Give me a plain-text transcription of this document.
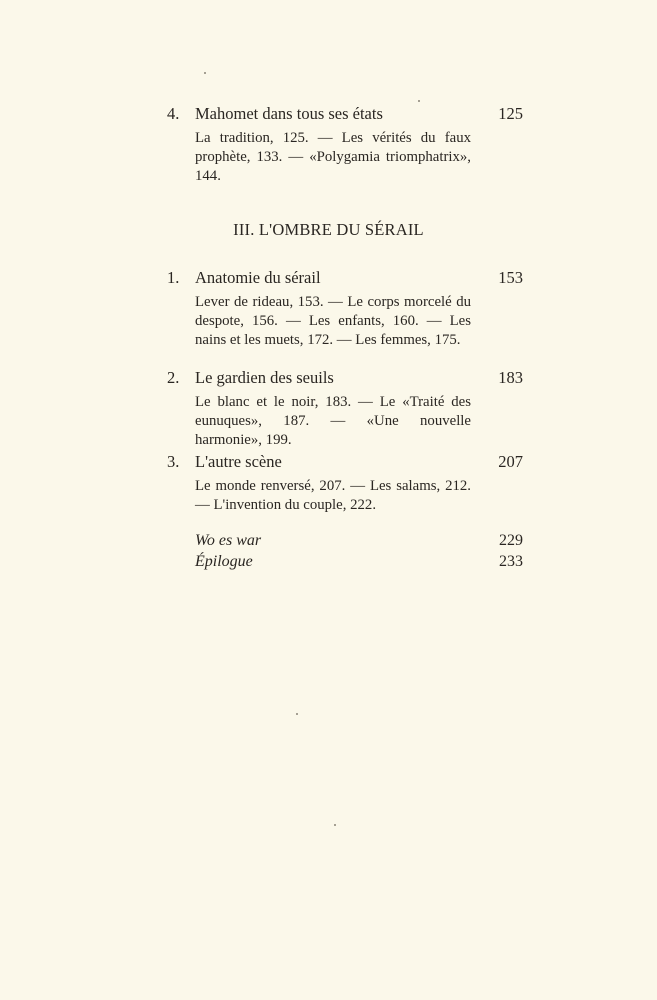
4. Mahomet dans tous ses états	125
La tradition, 125. — Les vérités du faux prophète, 133. — «Polygamia triomphatrix», 144.
III. L'OMBRE DU SÉRAIL
1. Anatomie du sérail	153
Lever de rideau, 153. — Le corps morcelé du despote, 156. — Les enfants, 160. — Les nains et les muets, 172. — Les femmes, 175.
2. Le gardien des seuils	183
Le blanc et le noir, 183. — Le «Traité des eunuques», 187. — «Une nouvelle harmonie», 199.
3. L'autre scène	207
Le monde renversé, 207. — Les salams, 212. — L'invention du couple, 222.
Wo es war	229
Épilogue	233
